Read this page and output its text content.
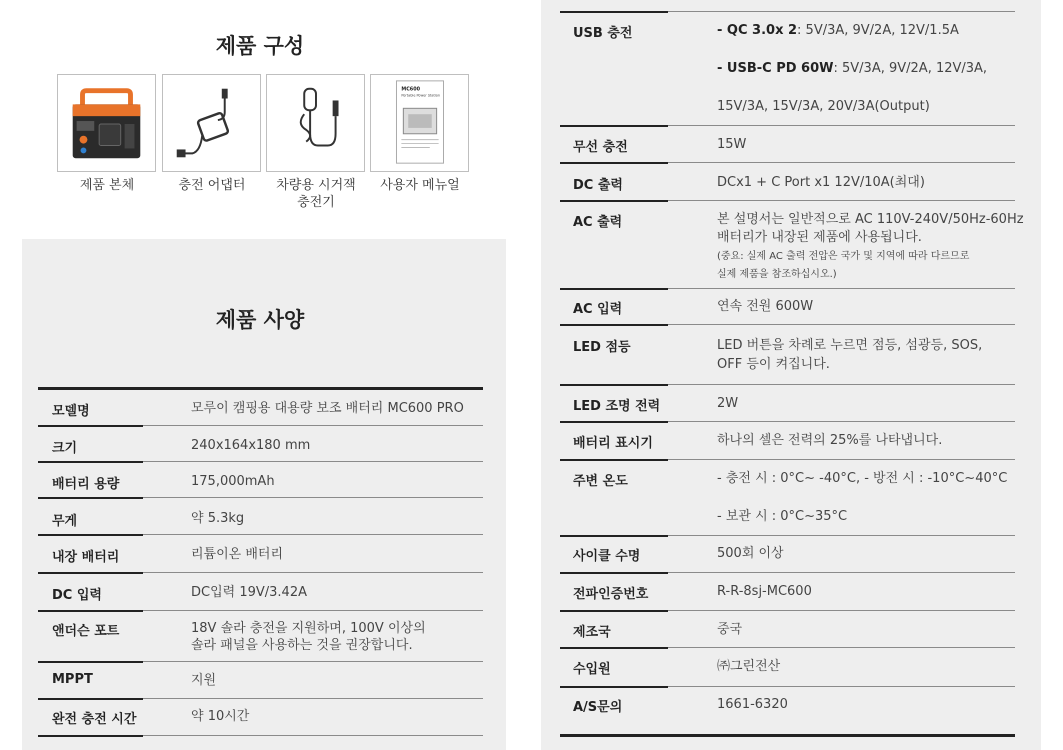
제품 구성
MC600
Portable Power Station
제품 본체	충전 어댑터	차량용 시거잭
충전기
사용자 메뉴얼
제품 사양
모델명	모루이 캠핑용 대용량 보조 배터리 MC600 PRO
크기	240x164x180 mm
배터리 용량	175,000mAh
무게	약 5.3kg
내장 배터리	리튬이온 배터리
DC 입력	DC입력 19V/3.42A
앤더슨 포트	18V 솔라 충전을 지원하며, 100V 이상의
솔라 패널을 사용하는 것을 권장합니다.
MPPT	지원
완전 충전 시간	약 10시간
USB 충전	- QC 3.0x 2: 5V/3A, 9V/2A, 12V/1.5A
- USB-C PD 60W: 5V/3A, 9V/2A, 12V/3A,
15V/3A, 15V/3A, 20V/3A(Output)
무선 충전	15W
DC 출력	DCx1 + C Port x1 12V/10A(최대)
AC 출력	본 설명서는 일반적으로 AC 110V-240V/50Hz-60Hz
배터리가 내장된 제품에 사용됩니다.
(중요: 실제 AC 출력 전압은 국가 및 지역에 따라 다르므로
실제 제품을 참조하십시오.)
AC 입력	연속 전원 600W
LED 점등	LED 버튼을 차례로 누르면 점등, 섬광등, SOS,
OFF 등이 켜집니다.
LED 조명 전력	2W
배터리 표시기	하나의 셀은 전력의 25%를 나타냅니다.
주변 온도	- 충전 시 : 0°C~ -40°C, - 방전 시 : -10°C~40°C
- 보관 시 : 0°C~35°C
사이클 수명	500회 이상
전파인증번호	R-R-8sj-MC600
제조국	중국
수입원	㈜그린전산
A/S문의	1661-6320
